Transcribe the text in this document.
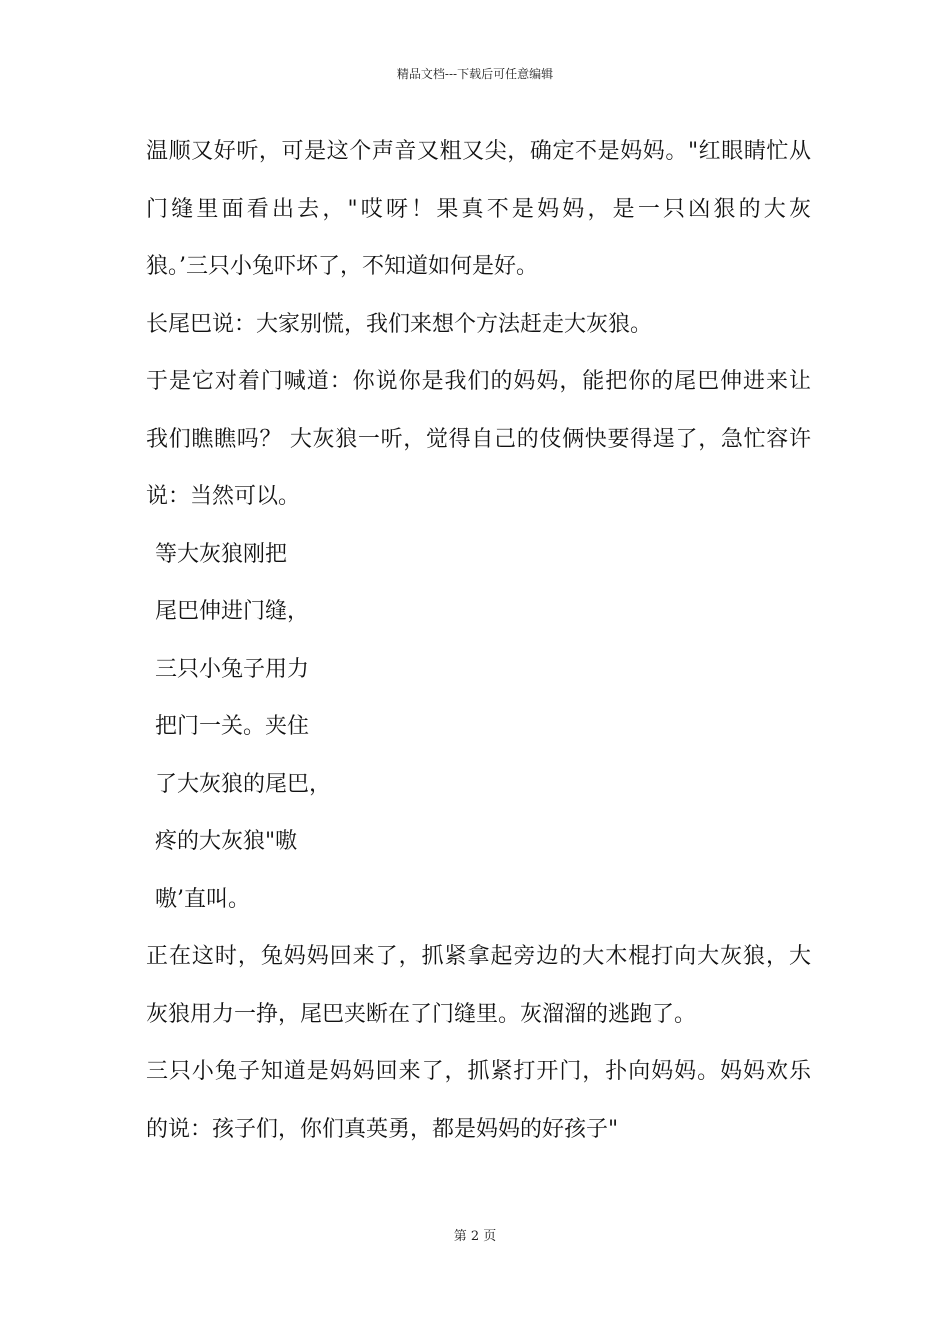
精品文档---下载后可任意编辑
温顺又好听，可是这个声音又粗又尖，确定不是妈妈。"红眼睛忙从
门缝里面看出去，"哎呀！果真不是妈妈，是一只凶狠的大灰
狼。’三只小兔吓坏了，不知道如何是好。
长尾巴说：大家别慌，我们来想个方法赶走大灰狼。
于是它对着门喊道：你说你是我们的妈妈，能把你的尾巴伸进来让
我们瞧瞧吗？ 大灰狼一听，觉得自己的伎俩快要得逞了，急忙容许
说：当然可以。
等大灰狼刚把
尾巴伸进门缝，
三只小兔子用力
把门一关。夹住
了大灰狼的尾巴，
疼的大灰狼"嗷
嗷’直叫。
正在这时，兔妈妈回来了，抓紧拿起旁边的大木棍打向大灰狼，大
灰狼用力一挣，尾巴夹断在了门缝里。灰溜溜的逃跑了。
三只小兔子知道是妈妈回来了，抓紧打开门，扑向妈妈。妈妈欢乐
的说：孩子们，你们真英勇，都是妈妈的好孩子"
第 2 页
